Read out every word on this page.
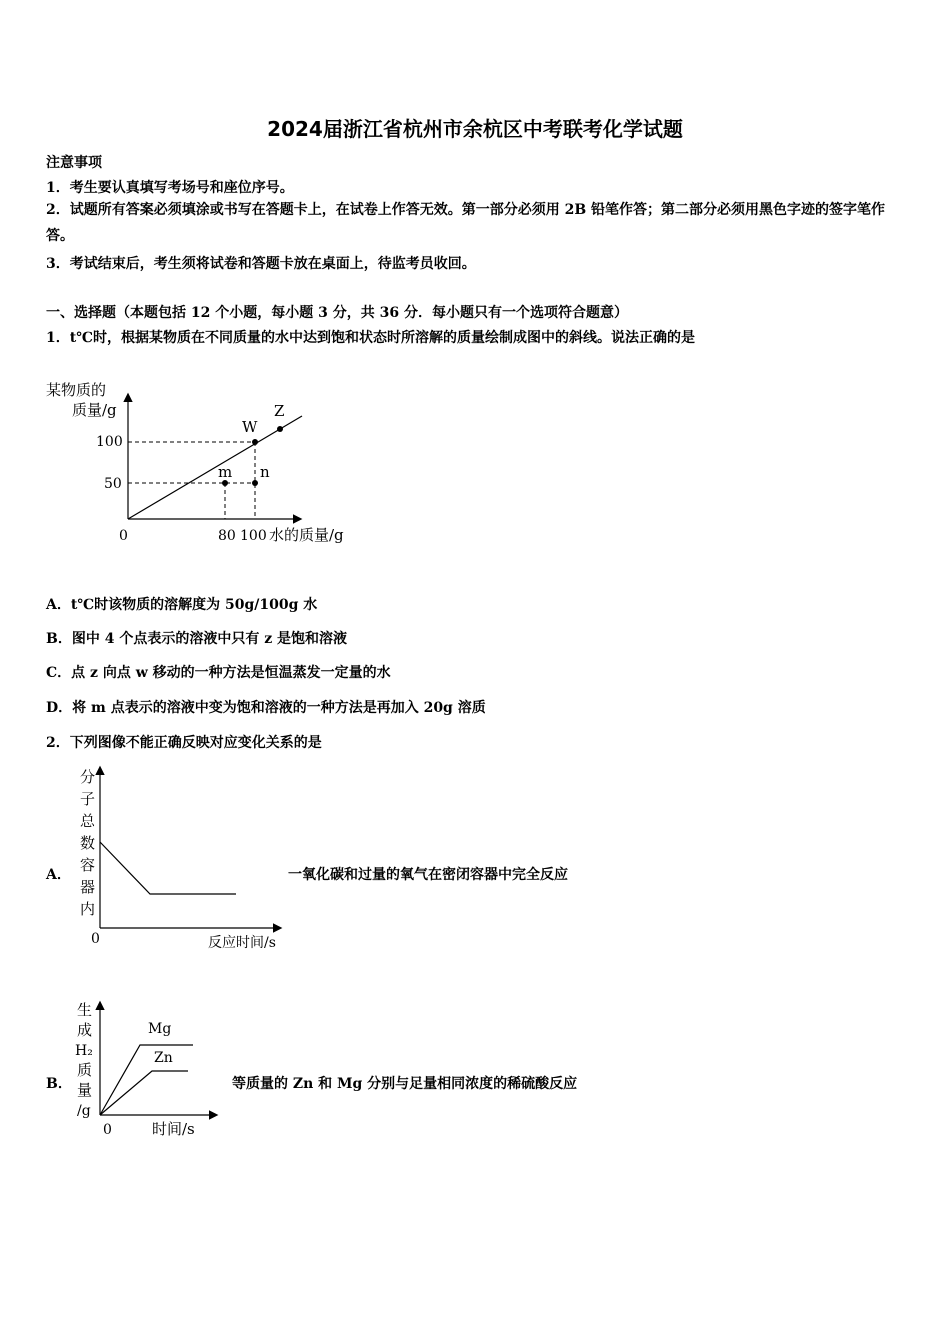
2024届浙江省杭州市余杭区中考联考化学试题
注意事项
1．考生要认真填写考场号和座位序号。
2．试题所有答案必须填涂或书写在答题卡上，在试卷上作答无效。第一部分必须用 2B 铅笔作答；第二部分必须用黑色字迹的签字笔作答。
3．考试结束后，考生须将试卷和答题卡放在桌面上，待监考员收回。
一、选择题（本题包括 12 个小题，每小题 3 分，共 36 分．每小题只有一个选项符合题意）
1．t℃时，根据某物质在不同质量的水中达到饱和状态时所溶解的质量绘制成图中的斜线。说法正确的是
某物质的
质量/g
100
50
0	80 100 水的质量/g
W
Z
m n
A．t℃时该物质的溶解度为 50g/100g 水
B．图中 4 个点表示的溶液中只有 z 是饱和溶液
C．点 z 向点 w 移动的一种方法是恒温蒸发一定量的水
D．将 m 点表示的溶液中变为饱和溶液的一种方法是再加入 20g 溶质
2．下列图像不能正确反映对应变化关系的是
A．
分
子
总
数
容
器
内
0	反应时间/s
一氧化碳和过量的氧气在密闭容器中完全反应
B．
Mg
Zn
生
成
H₂
质
量
/g
0	时间/s
等质量的 Zn 和 Mg 分别与足量相同浓度的稀硫酸反应
